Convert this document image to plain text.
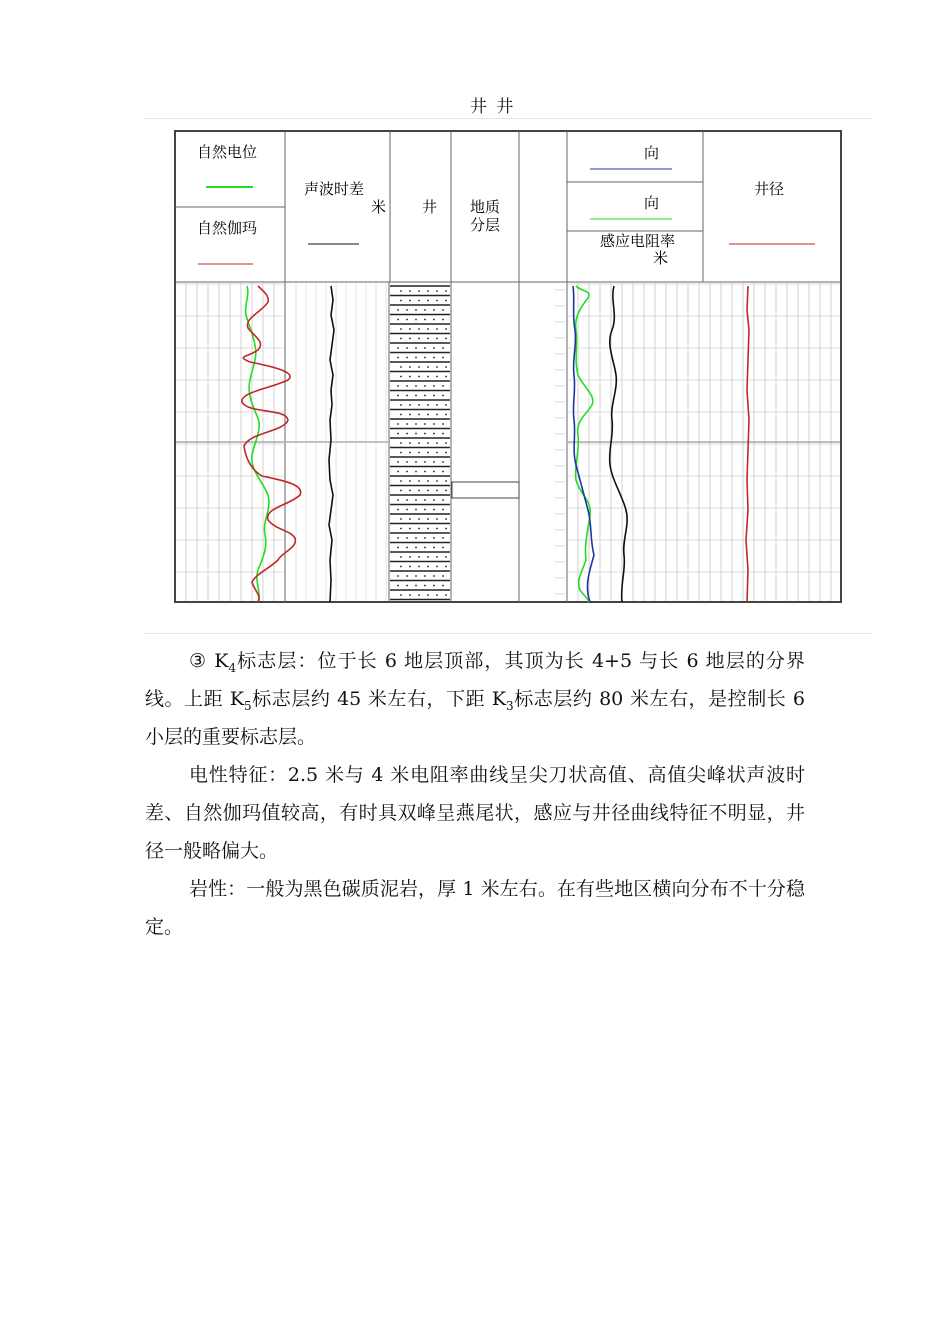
井 井
自然电位
自然伽玛
声波时差
米 井 地质
分层
向
向
感应电阻率
米
井径

③ $K_4$标志层：位于长 6 地层顶部，其顶为长 4+5 与长 6 地层的分界线。上距 $K_5$标志层约 45 米左右，下距 $K_3$标志层约 80 米左右，是控制长 6 小层的重要标志层。

电性特征：2.5 米与 4 米电阻率曲线呈尖刀状高值、高值尖峰状声波时差、自然伽玛值较高，有时具双峰呈燕尾状，感应与井径曲线特征不明显，井径一般略偏大。

岩性：一般为黑色碳质泥岩，厚 1 米左右。在有些地区横向分布不十分稳定。
